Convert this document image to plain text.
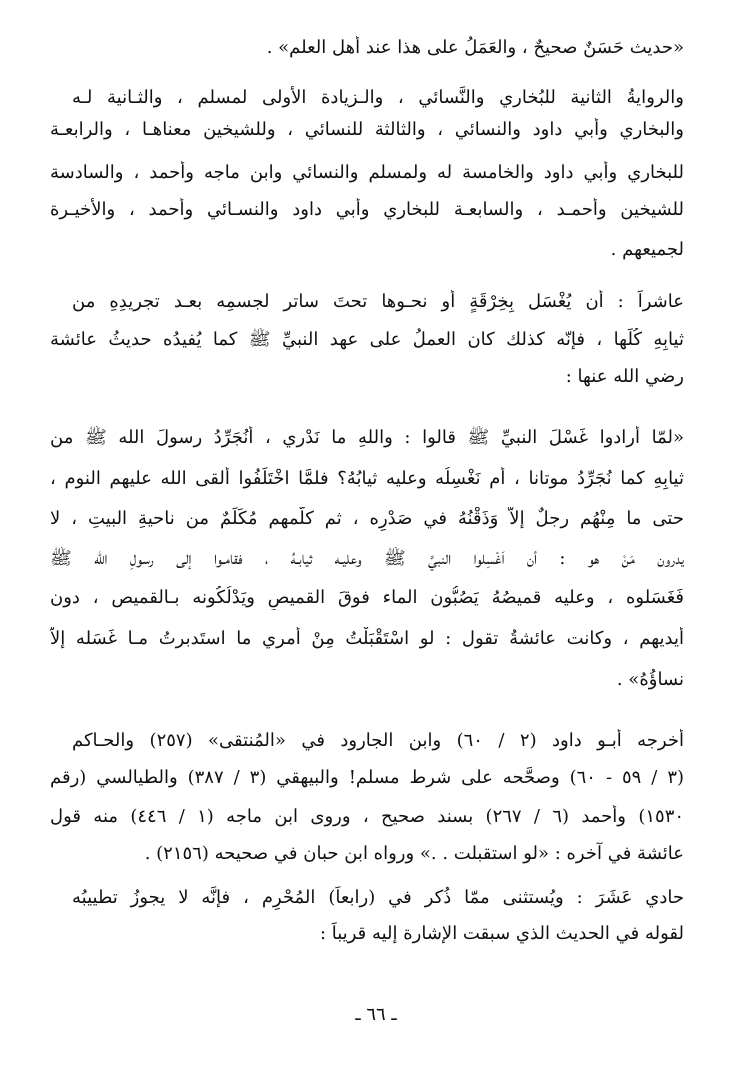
«حديث حَسَنٌ صحيحٌ ، والعَمَلُ على هذا عند أهل العلم» .
والروايةُ الثانية للبُخاري والنَّسائي ، والـزيادة الأولى لمسلم ، والثـانية لـه
والبخاري وأبي داود والنسائي ، والثالثة للنسائي ، وللشيخين معناهـا ، والرابعـة
للبخاري وأبي داود والخامسة له ولمسلم والنسائي وابن ماجه وأحمد ، والسادسة
للشيخين وأحمـد ، والسابعـة للبخاري وأبي داود والنسـائي وأحمد ، والأخيـرة
لجميعهم .
عاشراً : أن يُغْسَل بِخِرْقَةٍ أو نحـوها تحتَ ساتر لجسمِه بعـد تجريدِهِ من
ثيابِهِ كُلِّها ، فإنّه كذلك كان العملُ على عهد النبيِّ ﷺ كما يُفيدُه حديثُ عائشة
رضي الله عنها :
«لمّا أرادوا غَسْلَ النبيِّ ﷺ قالوا : واللهِ ما نَدْري ، أَنُجَرِّدُ رسولَ الله ﷺ من
ثيابِهِ كما نُجَرِّدُ موتانا ، أم نَغْسِلُه وعليه ثيابُهُ؟ فلمَّا اخْتَلَفُوا ألقى الله عليهم النوم ،
حتى ما مِنْهُم رجلٌ إلاّ وَذَقْنُهُ في صَدْرِه ، ثم كلّمهم مُكَلِّمٌ من ناحيةِ البيتِ ، لا
يدرون مَنْ هو : أن اَغْسِلوا النبيَّ ﷺ وعليـه ثيابـهُ ، فقامـوا إلى رسولِ الله ﷺ
فَغَسَلوه ، وعليه قميصُهُ يَصُبُّون الماء فوقَ القميصِ ويَدْلُكُونه بـالقميص ، دون
أيديهم ، وكانت عائشةُ تقول : لو اسْتَقْبَلْتُ مِنْ أمري ما استَدبرتُ مـا غَسَله إلاّ
نساؤُهُ» .
أخرجه أبـو داود (٢ / ٦٠) وابن الجارود في «المُنتقى» (٢٥٧) والحـاكم
(٣ / ٥٩ - ٦٠) وصحَّحه على شرط مسلم! والبيهقي (٣ / ٣٨٧) والطيالسي (رقم
١٥٣٠) وأحمد (٦ / ٢٦٧) بسند صحيح ، وروى ابن ماجه (١ / ٤٤٦) منه قول
عائشة في آخره : «لو استقبلت . .» ورواه ابن حبان في صحيحه (٢١٥٦) .
حادي عَشَرَ : ويُستثنى ممّا ذُكر في (رابعاً) المُحْرِم ، فإنَّه لا يجوزُ تطييبُه
لقوله في الحديث الذي سبقت الإشارة إليه قريباً :
ـ ٦٦ ـ
